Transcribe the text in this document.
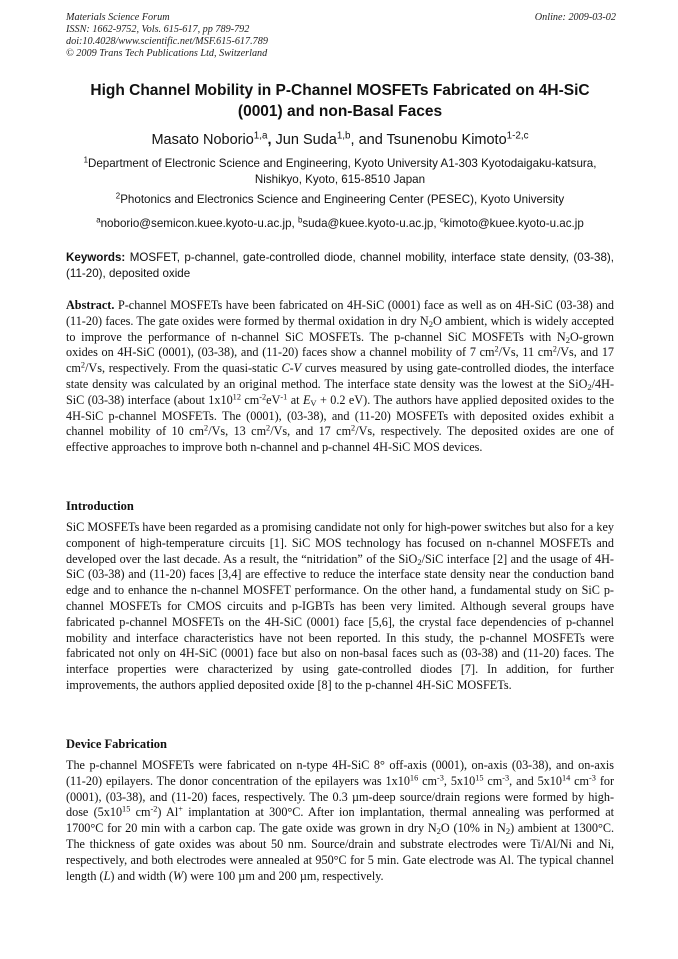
Materials Science Forum	Online: 2009-03-02
ISSN: 1662-9752, Vols. 615-617, pp 789-792
doi:10.4028/www.scientific.net/MSF.615-617.789
© 2009 Trans Tech Publications Ltd, Switzerland
High Channel Mobility in P-Channel MOSFETs Fabricated on 4H-SiC
(0001) and non-Basal Faces
Masato Noborio$^{1,a}$, Jun Suda$^{1,b}$, and Tsunenobu Kimoto$^{1-2,c}$
$^1$Department of Electronic Science and Engineering, Kyoto University A1-303 Kyotodaigaku-katsura,
Nishikyo, Kyoto, 615-8510 Japan
$^2$Photonics and Electronics Science and Engineering Center (PESEC), Kyoto University
$^a$noborio@semicon.kuee.kyoto-u.ac.jp, $^b$suda@kuee.kyoto-u.ac.jp, $^c$kimoto@kuee.kyoto-u.ac.jp
Keywords: MOSFET, p-channel, gate-controlled diode, channel mobility, interface state density, (03-38), (11-20), deposited oxide
Abstract. P-channel MOSFETs have been fabricated on 4H-SiC (0001) face as well as on 4H-SiC (03-38) and (11-20) faces. The gate oxides were formed by thermal oxidation in dry $N_2O$ ambient, which is widely accepted to improve the performance of n-channel SiC MOSFETs. The p-channel SiC MOSFETs with $N_2O$-grown oxides on 4H-SiC (0001), (03-38), and (11-20) faces show a channel mobility of 7 $cm^2/Vs$, 11 $cm^2/Vs$, and 17 $cm^2/Vs$, respectively. From the quasi-static C-V curves measured by using gate-controlled diodes, the interface state density was calculated by an original method. The interface state density was the lowest at the SiO$_2$/4H-SiC (03-38) interface (about $1x10^{12}$ $cm^{-2}eV^{-1}$ at $E_V + 0.2$ eV). The authors have applied deposited oxides to the 4H-SiC p-channel MOSFETs. The (0001), (03-38), and (11-20) MOSFETs with deposited oxides exhibit a channel mobility of 10 $cm^2/Vs$, 13 $cm^2/Vs$, and 17 $cm^2/Vs$, respectively. The deposited oxides are one of effective approaches to improve both n-channel and p-channel 4H-SiC MOS devices.
Introduction
SiC MOSFETs have been regarded as a promising candidate not only for high-power switches but also for a key component of high-temperature circuits [1]. SiC MOS technology has focused on n-channel MOSFETs and developed over the last decade. As a result, the “nitridation” of the SiO$_2$/SiC interface [2] and the usage of 4H-SiC (03-38) and (11-20) faces [3,4] are effective to reduce the interface state density near the conduction band edge and to enhance the n-channel MOSFET performance. On the other hand, a fundamental study on SiC p-channel MOSFETs for CMOS circuits and p-IGBTs has been very limited. Although several groups have fabricated p-channel MOSFETs on the 4H-SiC (0001) face [5,6], the crystal face dependencies of p-channel mobility and interface characteristics have not been reported. In this study, the p-channel MOSFETs were fabricated not only on 4H-SiC (0001) face but also on non-basal faces such as (03-38) and (11-20) faces. The interface properties were characterized by using gate-controlled diodes [7]. In addition, for further improvements, the authors applied deposited oxide [8] to the p-channel 4H-SiC MOSFETs.
Device Fabrication
The p-channel MOSFETs were fabricated on n-type 4H-SiC 8° off-axis (0001), on-axis (03-38), and on-axis (11-20) epilayers. The donor concentration of the epilayers was $1x10^{16}$ $cm^{-3}$, $5x10^{15}$ $cm^{-3}$, and $5x10^{14}$ $cm^{-3}$ for (0001), (03-38), and (11-20) faces, respectively. The 0.3 µm-deep source/drain regions were formed by high-dose ($5x10^{15}$ $cm^{-2}$) Al+ implantation at 300°C. After ion implantation, thermal annealing was performed at 1700°C for 20 min with a carbon cap. The gate oxide was grown in dry $N_2O$ (10% in $N_2$) ambient at 1300°C. The thickness of gate oxides was about 50 nm. Source/drain and substrate electrodes were Ti/Al/Ni and Ni, respectively, and both electrodes were annealed at 950°C for 5 min. Gate electrode was Al. The typical channel length (L) and width (W) were 100 µm and 200 µm, respectively.
